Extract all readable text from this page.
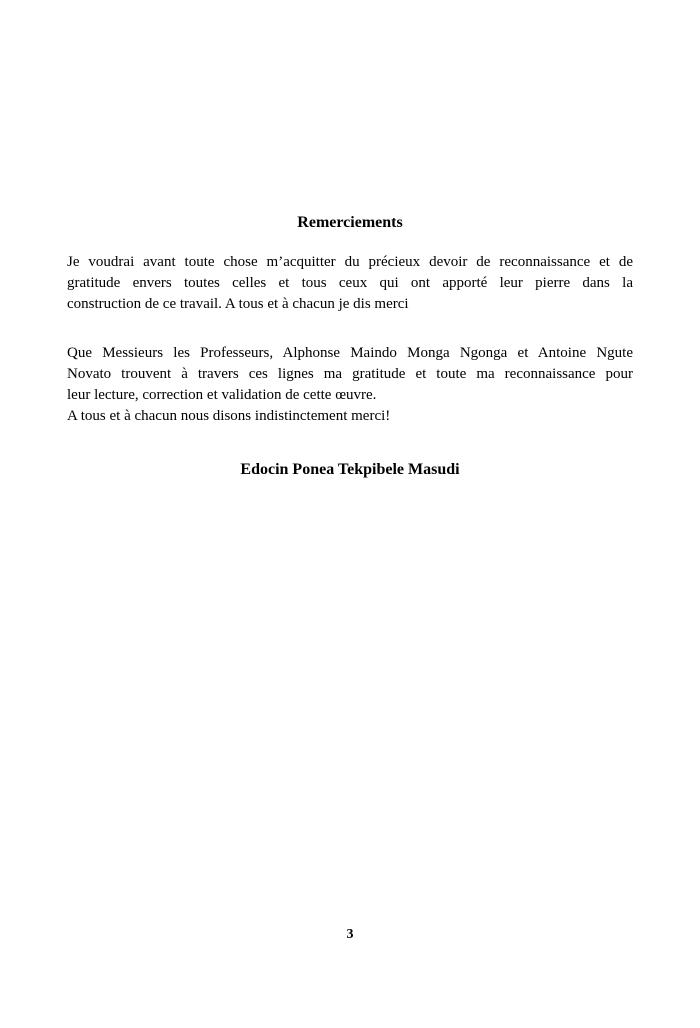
Remerciements
Je voudrai avant toute chose m’acquitter du précieux devoir de reconnaissance et de
gratitude envers toutes celles et tous ceux qui ont apporté leur pierre dans la
construction de ce travail. A tous et à chacun je dis merci
Que Messieurs les Professeurs, Alphonse Maindo Monga Ngonga et Antoine Ngute
Novato trouvent à travers ces lignes ma gratitude et toute ma reconnaissance pour
leur lecture, correction et validation de cette œuvre.
A tous et à chacun nous disons indistinctement merci!
Edocin Ponea Tekpibele Masudi
3
